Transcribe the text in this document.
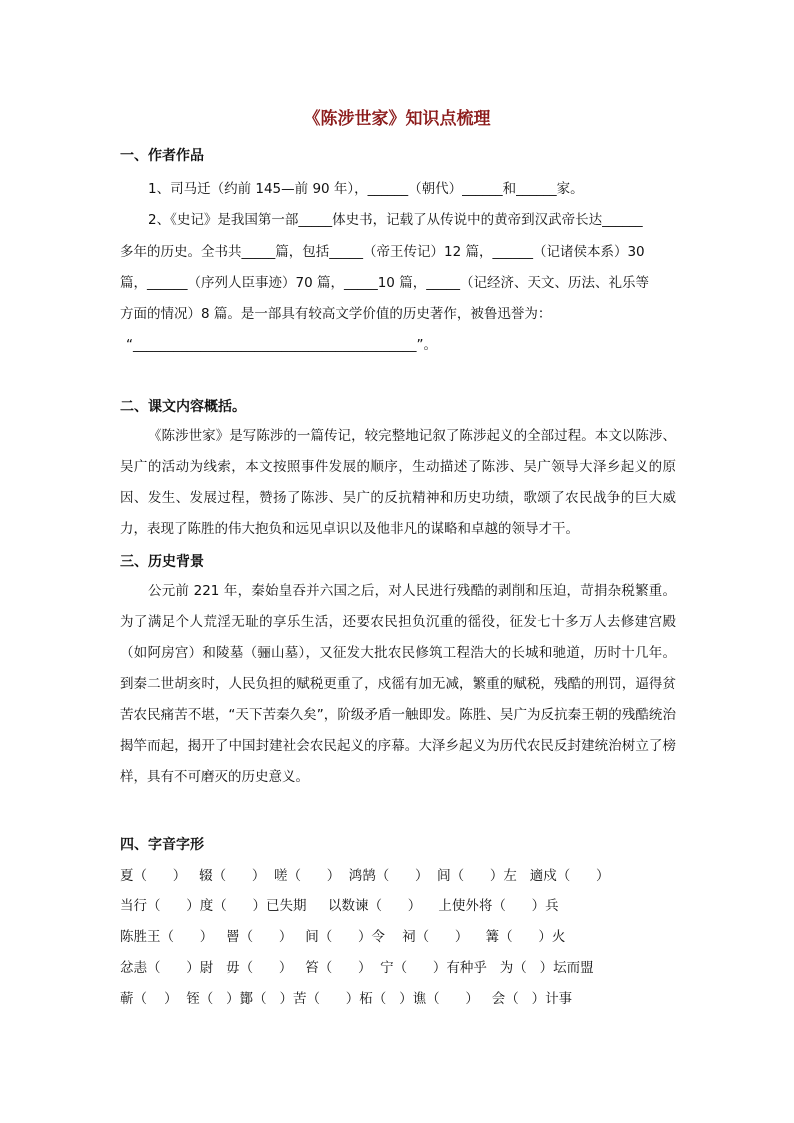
《陈涉世家》知识点梳理
一、作者作品
1、司马迁（约前 145—前 90 年），______（朝代）______和______家。
2、《史记》是我国第一部_____体史书，记载了从传说中的黄帝到汉武帝长达______
多年的历史。全书共_____篇，包括_____（帝王传记）12 篇，______（记诸侯本系）30
篇，______（序列人臣事迹）70 篇，_____10 篇，_____（记经济、天文、历法、礼乐等
方面的情况）8 篇。是一部具有较高文学价值的历史著作，被鲁迅誉为：
“__________________________________________”。
二、课文内容概括。
《陈涉世家》是写陈涉的一篇传记，较完整地记叙了陈涉起义的全部过程。本文以陈涉、吴广的活动为线索，本文按照事件发展的顺序，生动描述了陈涉、吴广领导大泽乡起义的原因、发生、发展过程，赞扬了陈涉、吴广的反抗精神和历史功绩，歌颂了农民战争的巨大威力，表现了陈胜的伟大抱负和远见卓识以及他非凡的谋略和卓越的领导才干。
三、历史背景
公元前 221 年，秦始皇吞并六国之后，对人民进行残酷的剥削和压迫，苛捐杂税繁重。为了满足个人荒淫无耻的享乐生活，还要农民担负沉重的徭役，征发七十多万人去修建宫殿（如阿房宫）和陵墓（骊山墓），又征发大批农民修筑工程浩大的长城和驰道，历时十几年。到秦二世胡亥时，人民负担的赋税更重了，戍徭有加无减，繁重的赋税，残酷的刑罚，逼得贫苦农民痛苦不堪，“天下苦秦久矣”，阶级矛盾一触即发。陈胜、吴广为反抗秦王朝的残酷统治揭竿而起，揭开了中国封建社会农民起义的序幕。大泽乡起义为历代农民反封建统治树立了榜样，具有不可磨灭的历史意义。
四、字音字形
夏（      ）   辍（      ）  嗟（      ）  鸿鹄（      ）  闾（      ）左   適戍（      ）
当行（      ）度（      ）已失期     以数谏（      ）    上使外将（      ）兵
陈胜王（      ）   罾（      ）   间（      ）令    祠（      ）    篝（      ）火
忿恚（      ）尉   毋（      ）   笞（      ）  宁（      ）有种乎   为（   ）坛而盟
蕲（    ）  铚（   ）鄼（   ）苦（      ）柘（   ）谯（      ）   会（   ）计事
